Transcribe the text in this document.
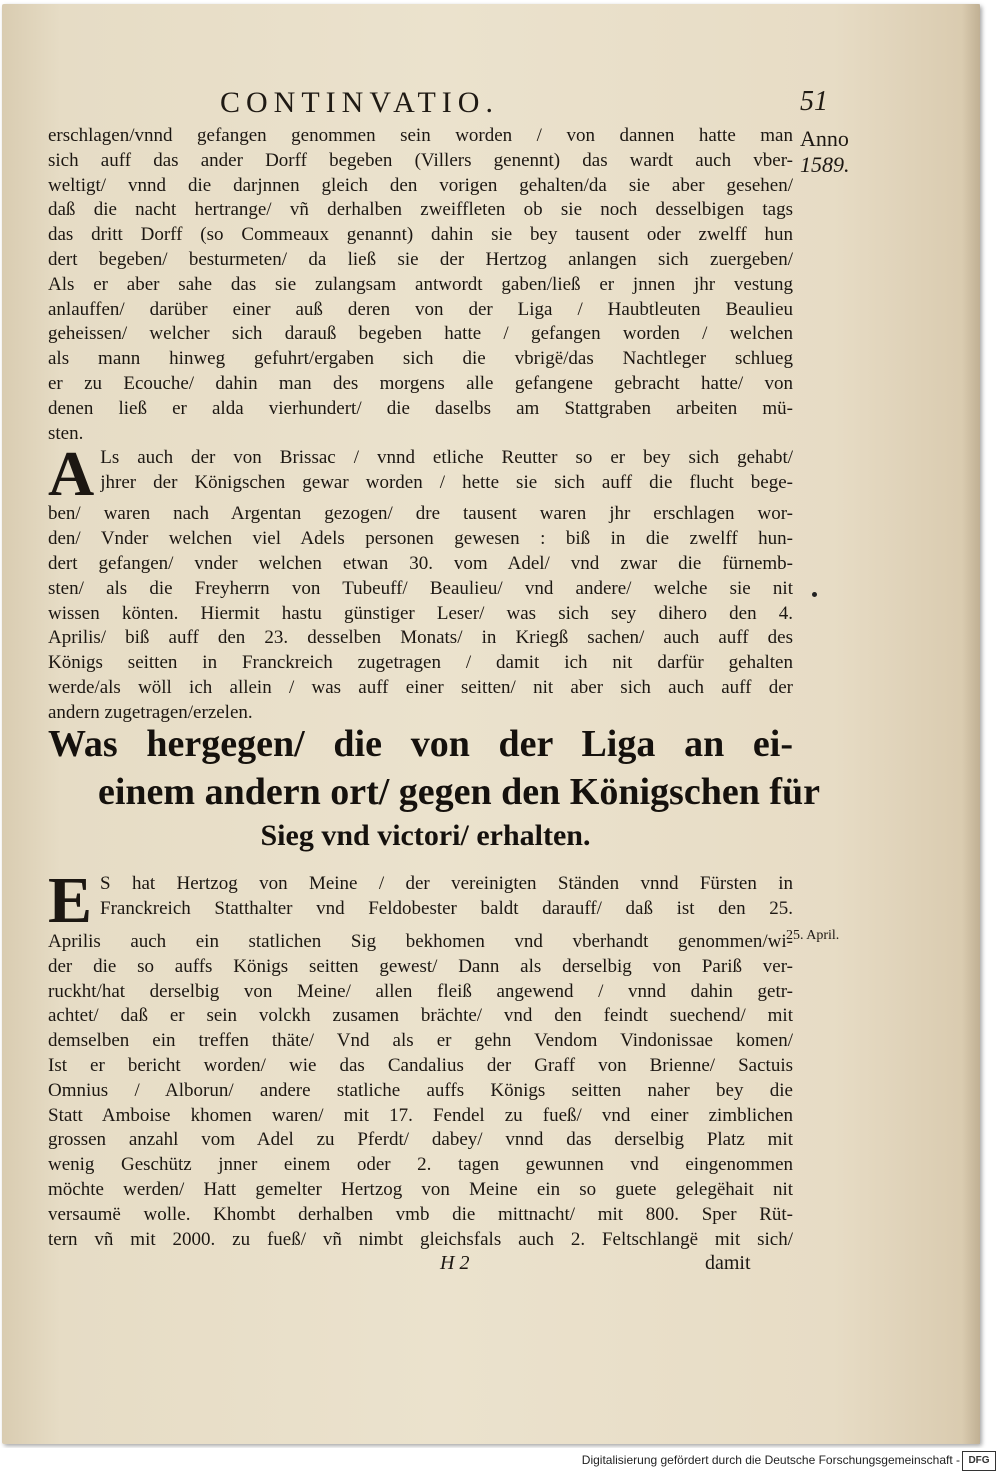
CONTINVATIO.	51
Anno
1589.
25. April.
erschlagen/vnnd gefangen genommen sein worden / von dannen hatte man
sich auff das ander Dorff begeben (Villers genennt) das wardt auch vber-
weltigt/ vnnd die darjnnen gleich den vorigen gehalten/da sie aber gesehen/
daß die nacht hertrange/ vñ derhalben zweiffleten ob sie noch desselbigen tags
das dritt Dorff (so Commeaux genannt) dahin sie bey tausent oder zwelff hun
dert begeben/ besturmeten/ da ließ sie der Hertzog anlangen sich zuergeben/
Als er aber sahe das sie zulangsam antwordt gaben/ließ er jnnen jhr vestung
anlauffen/ darüber einer auß deren von der Liga / Haubtleuten Beaulieu
geheissen/ welcher sich darauß begeben hatte / gefangen worden / welchen
als mann hinweg gefuhrt/ergaben sich die vbrigë/das Nachtleger schlueg
er zu Ecouche/ dahin man des morgens alle gefangene gebracht hatte/ von
denen ließ er alda vierhundert/ die daselbs am Stattgraben arbeiten mü-
sten.
A Ls auch der von Brissac / vnnd etliche Reutter so er bey sich gehabt/
jhrer der Königschen gewar worden / hette sie sich auff die flucht bege-
ben/ waren nach Argentan gezogen/ dre tausent waren jhr erschlagen wor-
den/ Vnder welchen viel Adels personen gewesen : biß in die zwelff hun-
dert gefangen/ vnder welchen etwan 30. vom Adel/ vnd zwar die fürnemb-
sten/ als die Freyherrn von Tubeuff/ Beaulieu/ vnd andere/ welche sie nit
wissen könten. Hiermit hastu günstiger Leser/ was sich sey dihero den 4.
Aprilis/ biß auff den 23. desselben Monats/ in Kriegß sachen/ auch auff des
Königs seitten in Franckreich zugetragen / damit ich nit darfür gehalten
werde/als wöll ich allein / was auff einer seitten/ nit aber sich auch auff der
andern zugetragen/erzelen.
Was hergegen/ die von der Liga an ei-
einem andern ort/ gegen den Königschen für
Sieg vnd victori/ erhalten.
E S hat Hertzog von Meine / der vereinigten Ständen vnnd Fürsten in
Franckreich Statthalter vnd Feldobester baldt darauff/ daß ist den 25.
Aprilis auch ein statlichen Sig bekhomen vnd vberhandt genommen/wi-
der die so auffs Königs seitten gewest/ Dann als derselbig von Pariß ver-
ruckht/hat derselbig von Meine/ allen fleiß angewend / vnnd dahin getr-
achtet/ daß er sein volckh zusamen brächte/ vnd den feindt suechend/ mit
demselben ein treffen thäte/ Vnd als er gehn Vendom Vindonissae komen/
Ist er bericht worden/ wie das Candalius der Graff von Brienne/ Sactuis
Omnius / Alborun/ andere statliche auffs Königs seitten naher bey die
Statt Amboise khomen waren/ mit 17. Fendel zu fueß/ vnd einer zimblichen
grossen anzahl vom Adel zu Pferdt/ dabey/ vnnd das derselbig Platz mit
wenig Geschütz jnner einem oder 2. tagen gewunnen vnd eingenommen
möchte werden/ Hatt gemelter Hertzog von Meine ein so guete gelegëhait nit
versaumë wolle. Khombt derhalben vmb die mittnacht/ mit 800. Sper Rüt-
tern vñ mit 2000. zu fueß/ vñ nimbt gleichsfals auch 2. Feltschlangë mit sich/
H 2	damit
Digitalisierung gefördert durch die Deutsche Forschungsgemeinschaft - DFG
